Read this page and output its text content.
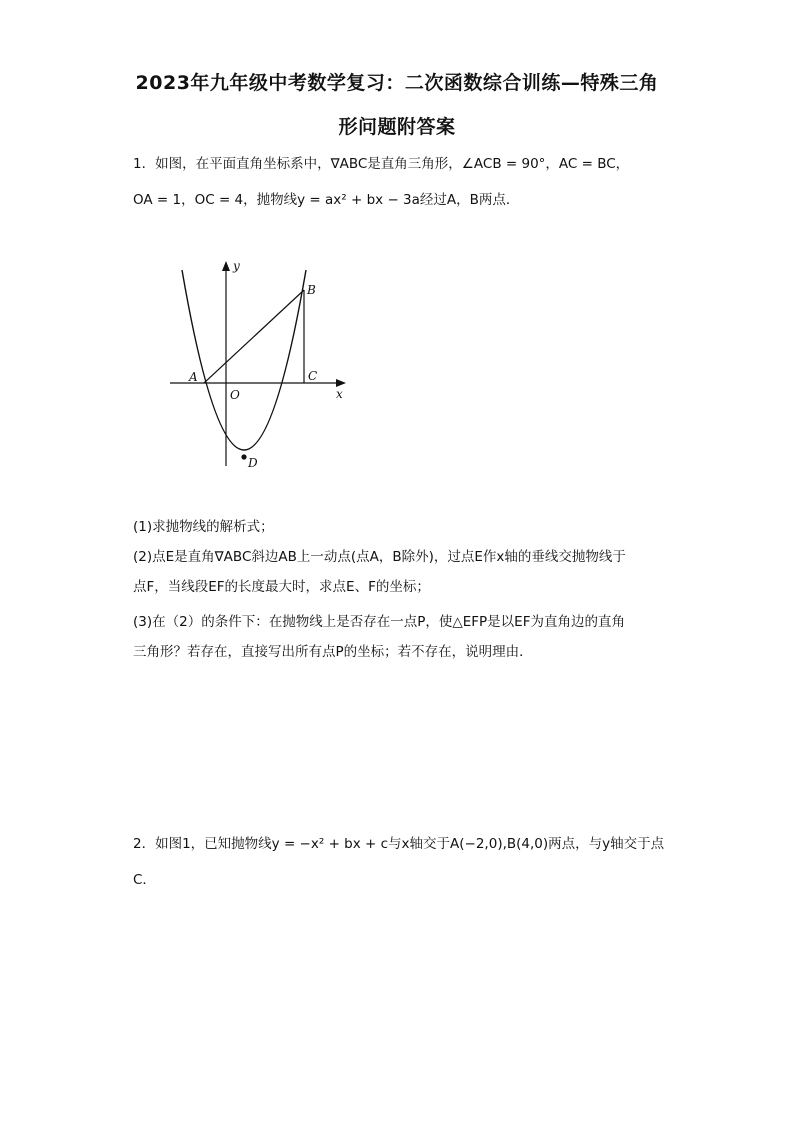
2023年九年级中考数学复习：二次函数综合训练—特殊三角
形问题附答案
1．如图，在平面直角坐标系中，∇ABC是直角三角形，∠ACB = 90°，AC = BC，
OA = 1，OC = 4，抛物线y = ax² + bx − 3a经过A，B两点．
y
x
B
A
O
C
D
(1)求抛物线的解析式；
(2)点E是直角∇ABC斜边AB上一动点(点A，B除外)，过点E作x轴的垂线交抛物线于
点F，当线段EF的长度最大时，求点E、F的坐标；
(3)在（2）的条件下：在抛物线上是否存在一点P，使△EFP是以EF为直角边的直角
三角形？若存在，直接写出所有点P的坐标；若不存在，说明理由．
2．如图1，已知抛物线y = −x² + bx + c与x轴交于A(−2,0),B(4,0)两点，与y轴交于点
C．
